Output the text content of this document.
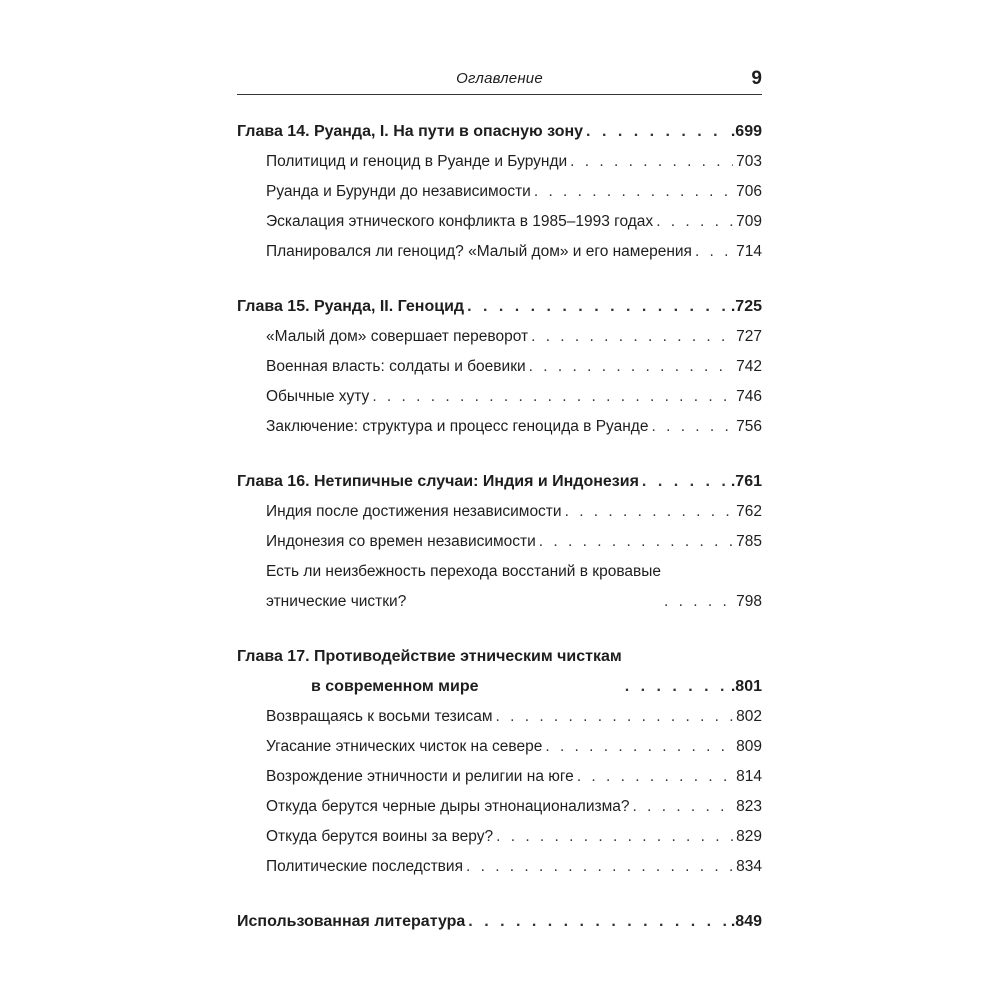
Оглавление	9
Глава 14. Руанда, I. На пути в опасную зону . . .	.699
Политицид и геноцид в Руанде и Бурунди . . .	703
Руанда и Бурунди до независимости . . .	706
Эскалация этнического конфликта в 1985–1993 годах . . .	709
Планировался ли геноцид? «Малый дом» и его намерения . . .	714
Глава 15. Руанда, II. Геноцид . . .	.725
«Малый дом» совершает переворот . . .	727
Военная власть: солдаты и боевики . . .	742
Обычные хуту . . .	746
Заключение: структура и процесс геноцида в Руанде . . .	756
Глава 16. Нетипичные случаи: Индия и Индонезия . . .	.761
Индия после достижения независимости . . .	762
Индонезия со времен независимости . . .	785
Есть ли неизбежность перехода восстаний в кровавые
этнические чистки? . . .	798
Глава 17. Противодействие этническим чисткам
в современном мире . . .	.801
Возвращаясь к восьми тезисам . . .	802
Угасание этнических чисток на севере . . .	809
Возрождение этничности и религии на юге . . .	814
Откуда берутся черные дыры этнонационализма? . . .	823
Откуда берутся воины за веру? . . .	829
Политические последствия . . .	834
Использованная литература . . .	.849
